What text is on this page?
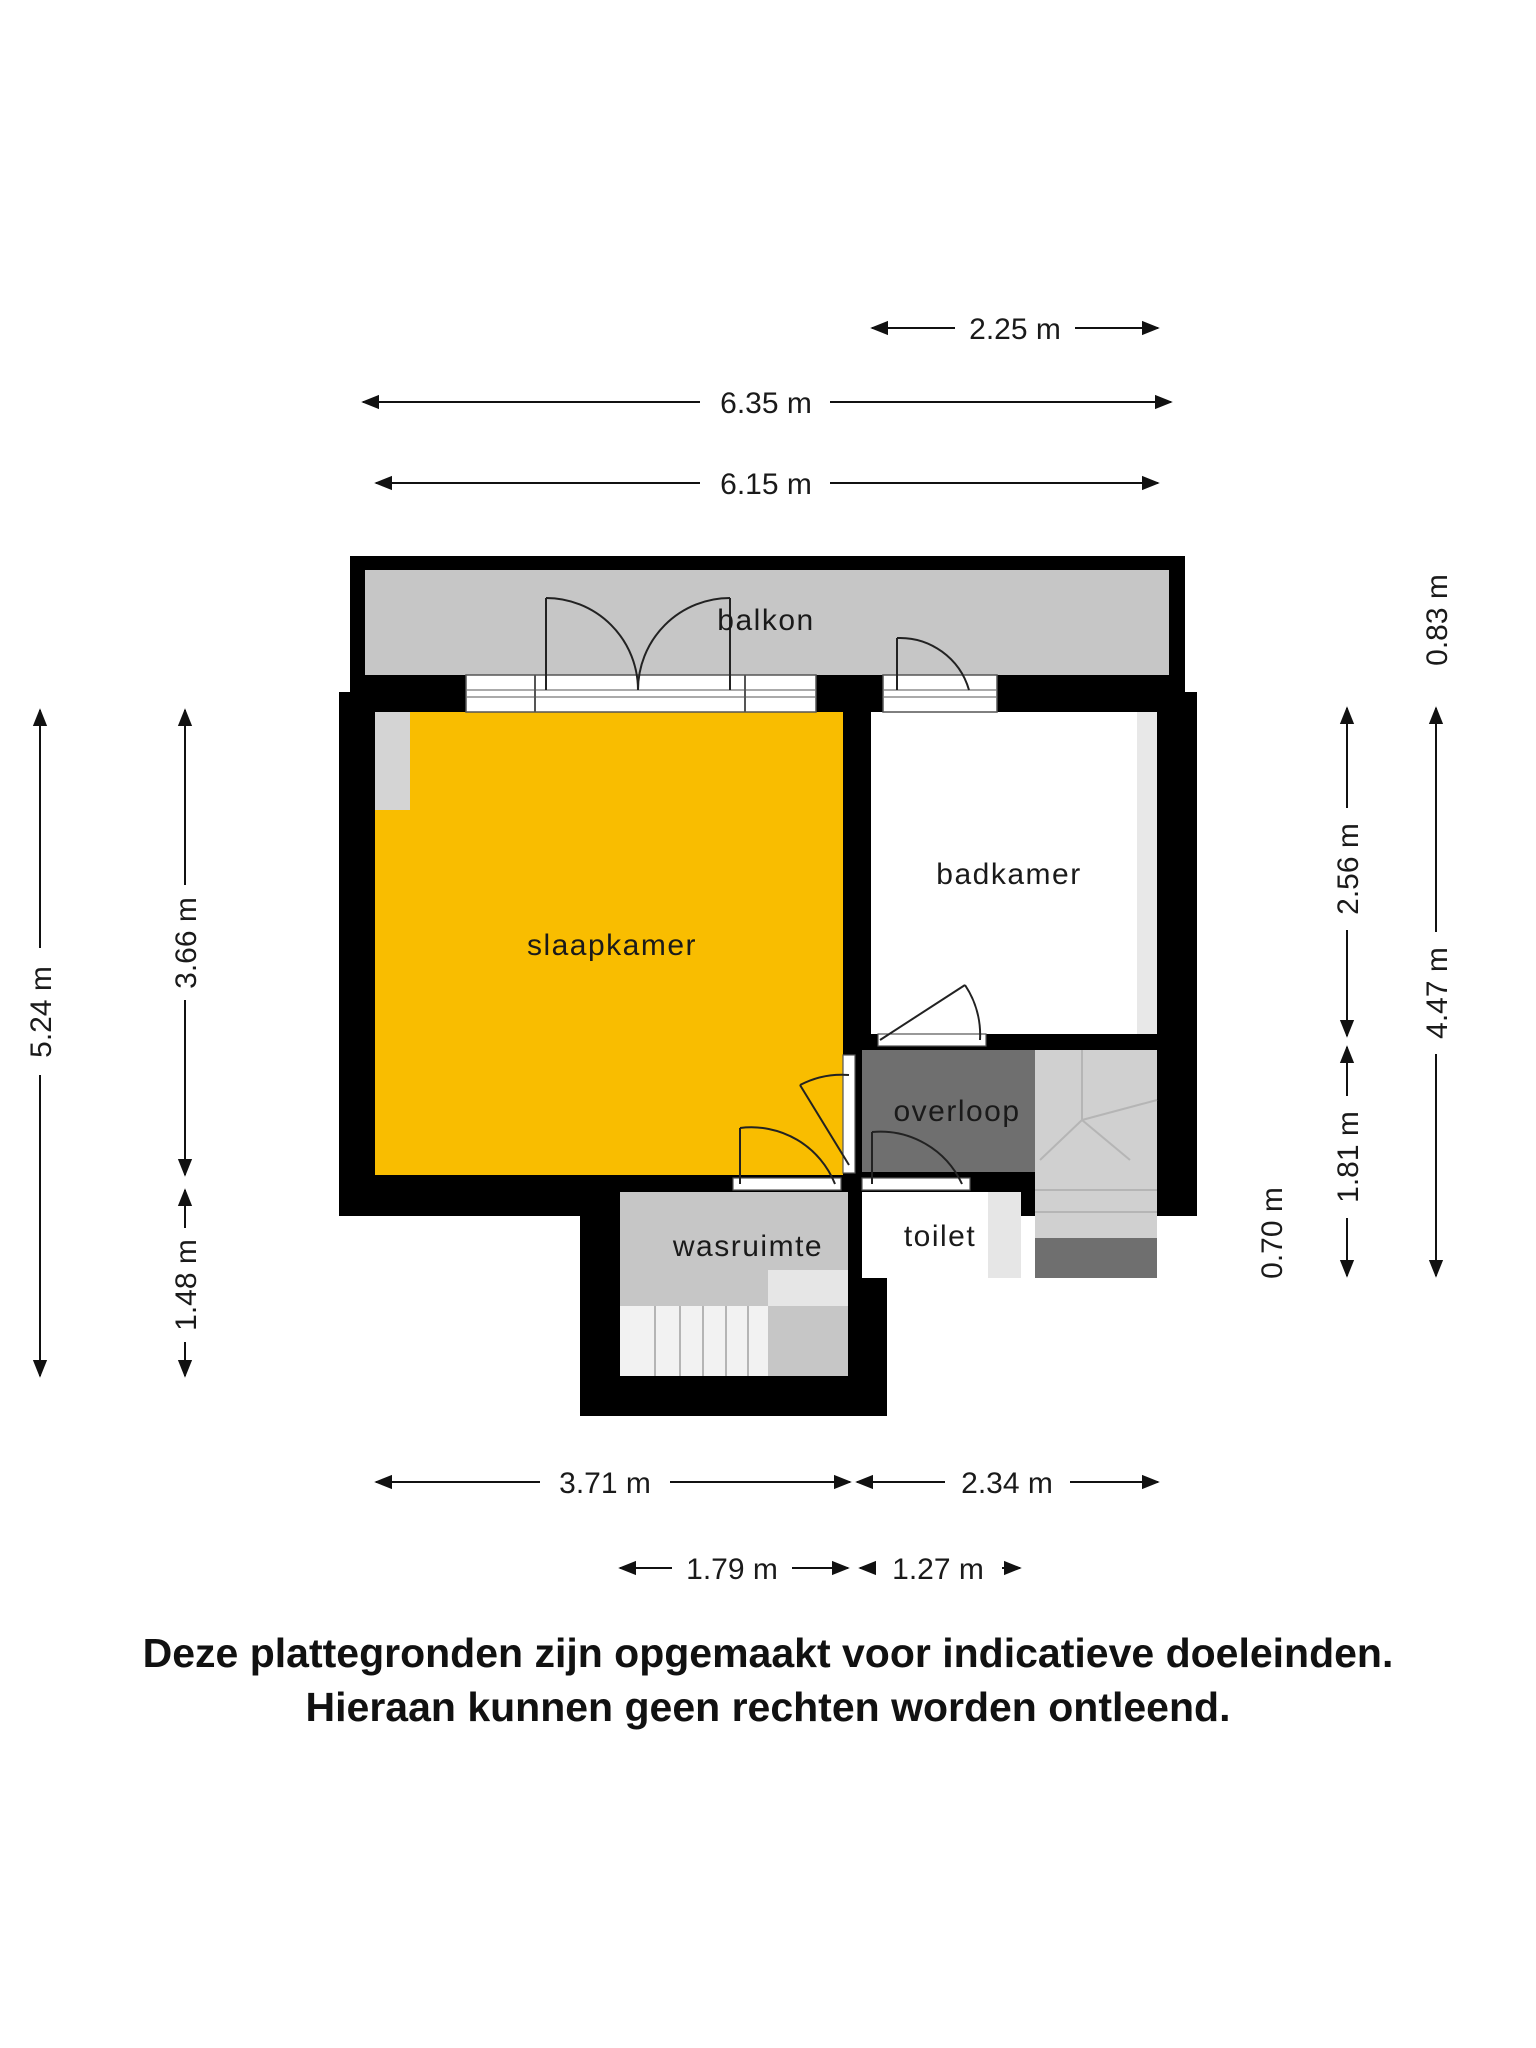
balkon
slaapkamer
badkamer
overloop
toilet
wasruimte
2.25 m
6.35 m
6.15 m
5.24 m
3.66 m
1.48 m
0.83 m
2.56 m
4.47 m
1.81 m
0.70 m
3.71 m	2.34 m
1.79 m	1.27 m
Deze plattegronden zijn opgemaakt voor indicatieve doeleinden.
Hieraan kunnen geen rechten worden ontleend.
